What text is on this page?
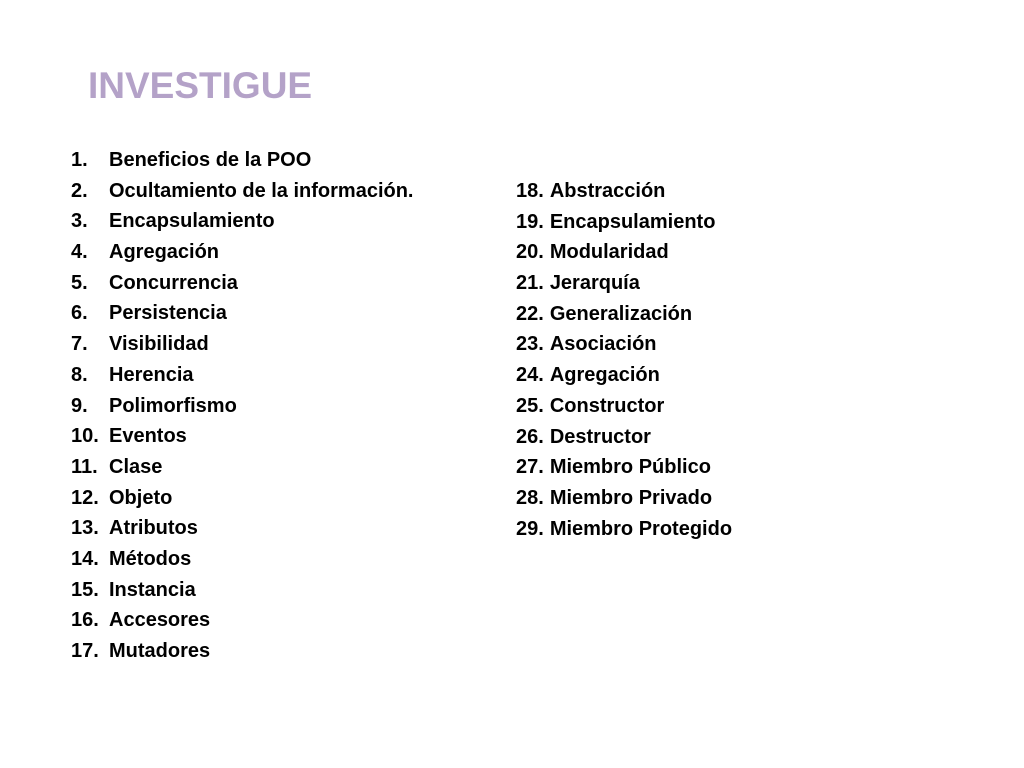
INVESTIGUE
1.	Beneficios de la POO
2.	Ocultamiento de la información.
3.	Encapsulamiento
4.	Agregación
5.	Concurrencia
6.	Persistencia
7.	Visibilidad
8.	Herencia
9.	Polimorfismo
10. Eventos
11. Clase
12. Objeto
13. Atributos
14. Métodos
15. Instancia
16. Accesores
17. Mutadores
18. Abstracción
19. Encapsulamiento
20. Modularidad
21. Jerarquía
22. Generalización
23. Asociación
24. Agregación
25. Constructor
26. Destructor
27. Miembro Público
28. Miembro Privado
29. Miembro Protegido
